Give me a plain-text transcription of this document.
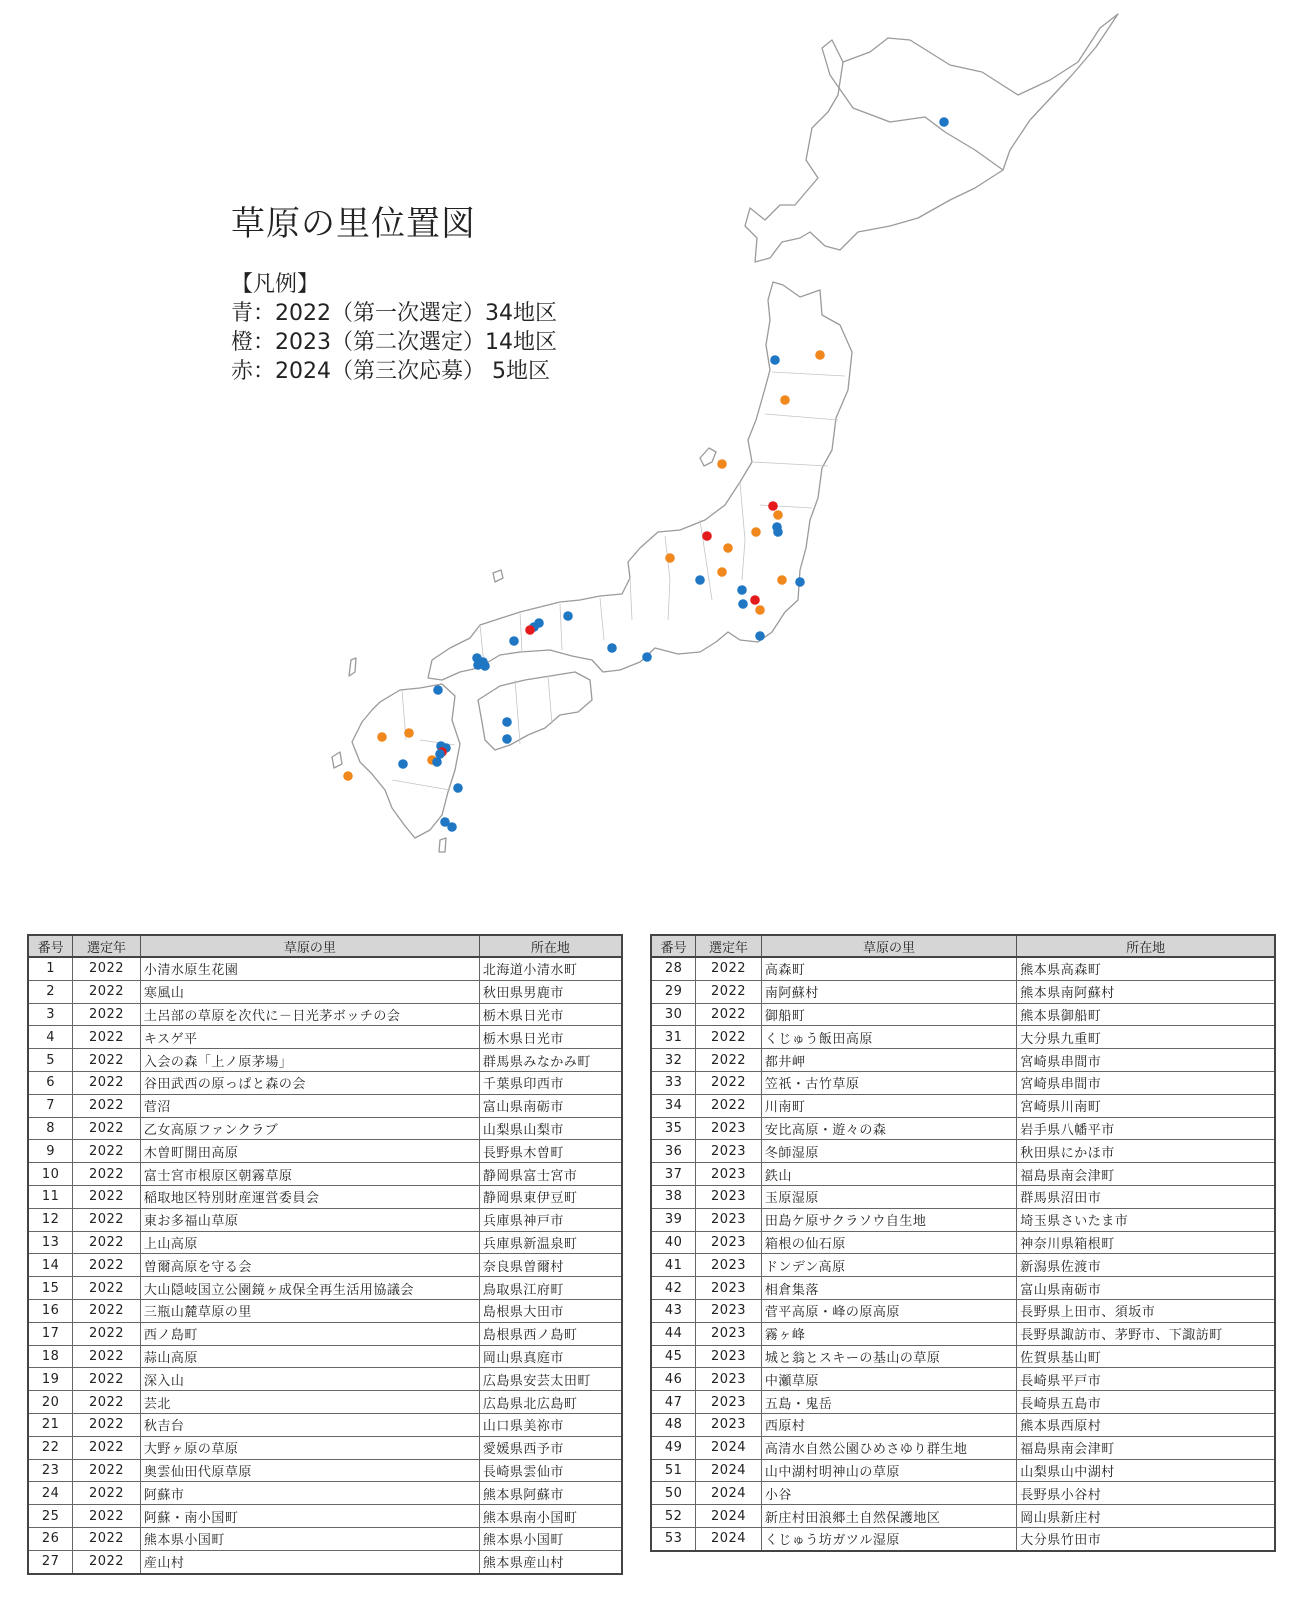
草原の里位置図
【凡例】
青：2022（第一次選定）34地区
橙：2023（第二次選定）14地区
赤：2024（第三次応募） 5地区
番号	選定年	草原の里	所在地
1	2022	小清水原生花園	北海道小清水町
2	2022	寒風山	秋田県男鹿市
3	2022	土呂部の草原を次代に－日光茅ボッチの会	栃木県日光市
4	2022	キスゲ平	栃木県日光市
5	2022	入会の森「上ノ原茅場」	群馬県みなかみ町
6	2022	谷田武西の原っぱと森の会	千葉県印西市
7	2022	菅沼	富山県南砺市
8	2022	乙女高原ファンクラブ	山梨県山梨市
9	2022	木曽町開田高原	長野県木曽町
10	2022	富士宮市根原区朝霧草原	静岡県富士宮市
11	2022	稲取地区特別財産運営委員会	静岡県東伊豆町
12	2022	東お多福山草原	兵庫県神戸市
13	2022	上山高原	兵庫県新温泉町
14	2022	曽爾高原を守る会	奈良県曽爾村
15	2022	大山隠岐国立公園鏡ヶ成保全再生活用協議会	鳥取県江府町
16	2022	三瓶山麓草原の里	島根県大田市
17	2022	西ノ島町	島根県西ノ島町
18	2022	蒜山高原	岡山県真庭市
19	2022	深入山	広島県安芸太田町
20	2022	芸北	広島県北広島町
21	2022	秋吉台	山口県美祢市
22	2022	大野ヶ原の草原	愛媛県西予市
23	2022	奥雲仙田代原草原	長崎県雲仙市
24	2022	阿蘇市	熊本県阿蘇市
25	2022	阿蘇・南小国町	熊本県南小国町
26	2022	熊本県小国町	熊本県小国町
27	2022	産山村	熊本県産山村
番号	選定年	草原の里	所在地
28	2022	高森町	熊本県高森町
29	2022	南阿蘇村	熊本県南阿蘇村
30	2022	御船町	熊本県御船町
31	2022	くじゅう飯田高原	大分県九重町
32	2022	都井岬	宮崎県串間市
33	2022	笠祇・古竹草原	宮崎県串間市
34	2022	川南町	宮崎県川南町
35	2023	安比高原・遊々の森	岩手県八幡平市
36	2023	冬師湿原	秋田県にかほ市
37	2023	鉄山	福島県南会津町
38	2023	玉原湿原	群馬県沼田市
39	2023	田島ケ原サクラソウ自生地	埼玉県さいたま市
40	2023	箱根の仙石原	神奈川県箱根町
41	2023	ドンデン高原	新潟県佐渡市
42	2023	相倉集落	富山県南砺市
43	2023	菅平高原・峰の原高原	長野県上田市、須坂市
44	2023	霧ヶ峰	長野県諏訪市、茅野市、下諏訪町
45	2023	城と翁とスキーの基山の草原	佐賀県基山町
46	2023	中瀬草原	長崎県平戸市
47	2023	五島・鬼岳	長崎県五島市
48	2023	西原村	熊本県西原村
49	2024	高清水自然公園ひめさゆり群生地	福島県南会津町
51	2024	山中湖村明神山の草原	山梨県山中湖村
50	2024	小谷	長野県小谷村
52	2024	新庄村田浪郷土自然保護地区	岡山県新庄村
53	2024	くじゅう坊ガツル湿原	大分県竹田市
